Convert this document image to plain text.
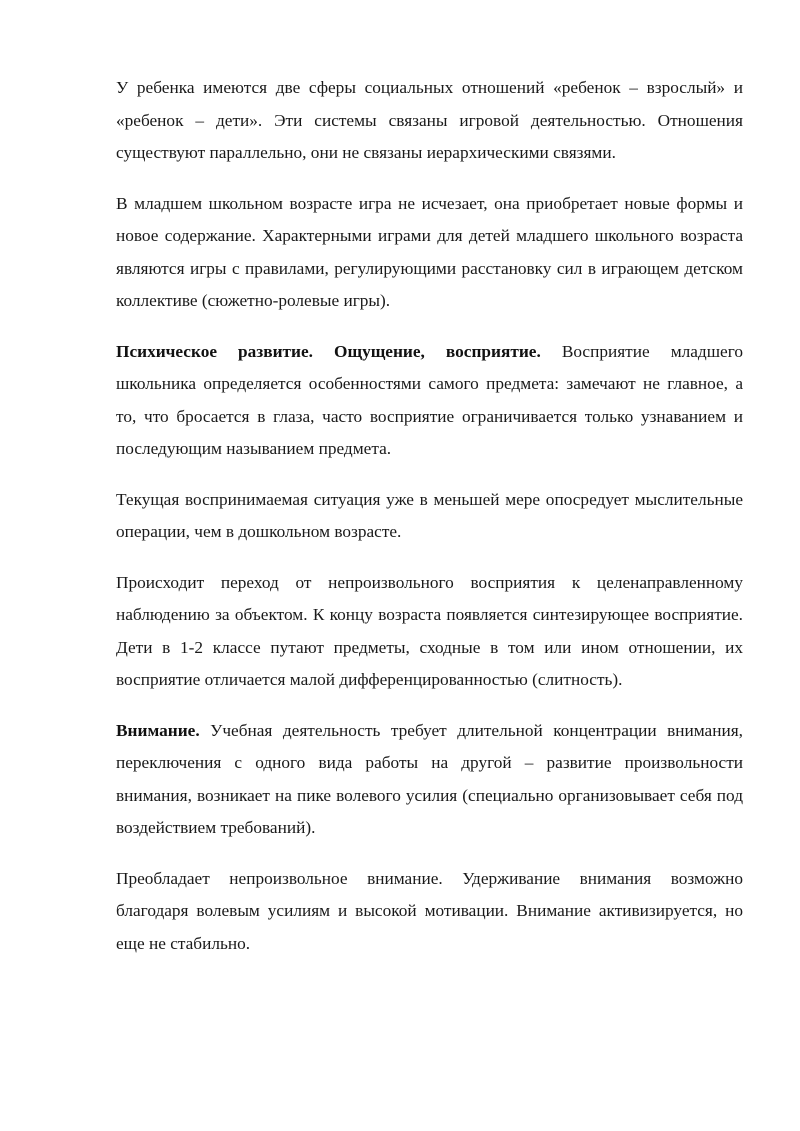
У ребенка имеются две сферы социальных отношений «ребенок – взрослый» и «ребенок – дети». Эти системы связаны игровой деятельностью. Отношения существуют параллельно, они не связаны иерархическими связями.

В младшем школьном возрасте игра не исчезает, она приобретает новые формы и новое содержание. Характерными играми для детей младшего школьного возраста являются игры с правилами, регулирующими расстановку сил в играющем детском коллективе (сюжетно-ролевые игры).

Психическое развитие. Ощущение, восприятие. Восприятие младшего школьника определяется особенностями самого предмета: замечают не главное, а то, что бросается в глаза, часто восприятие ограничивается только узнаванием и последующим называнием предмета.

Текущая воспринимаемая ситуация уже в меньшей мере опосредует мыслительные операции, чем в дошкольном возрасте.

Происходит переход от непроизвольного восприятия к целенаправленному наблюдению за объектом. К концу возраста появляется синтезирующее восприятие. Дети в 1-2 классе путают предметы, сходные в том или ином отношении, их восприятие отличается малой дифференцированностью (слитность).

Внимание. Учебная деятельность требует длительной концентрации внимания, переключения с одного вида работы на другой – развитие произвольности внимания, возникает на пике волевого усилия (специально организовывает себя под воздействием требований).

Преобладает непроизвольное внимание. Удерживание внимания возможно благодаря волевым усилиям и высокой мотивации. Внимание активизируется, но еще не стабильно.
